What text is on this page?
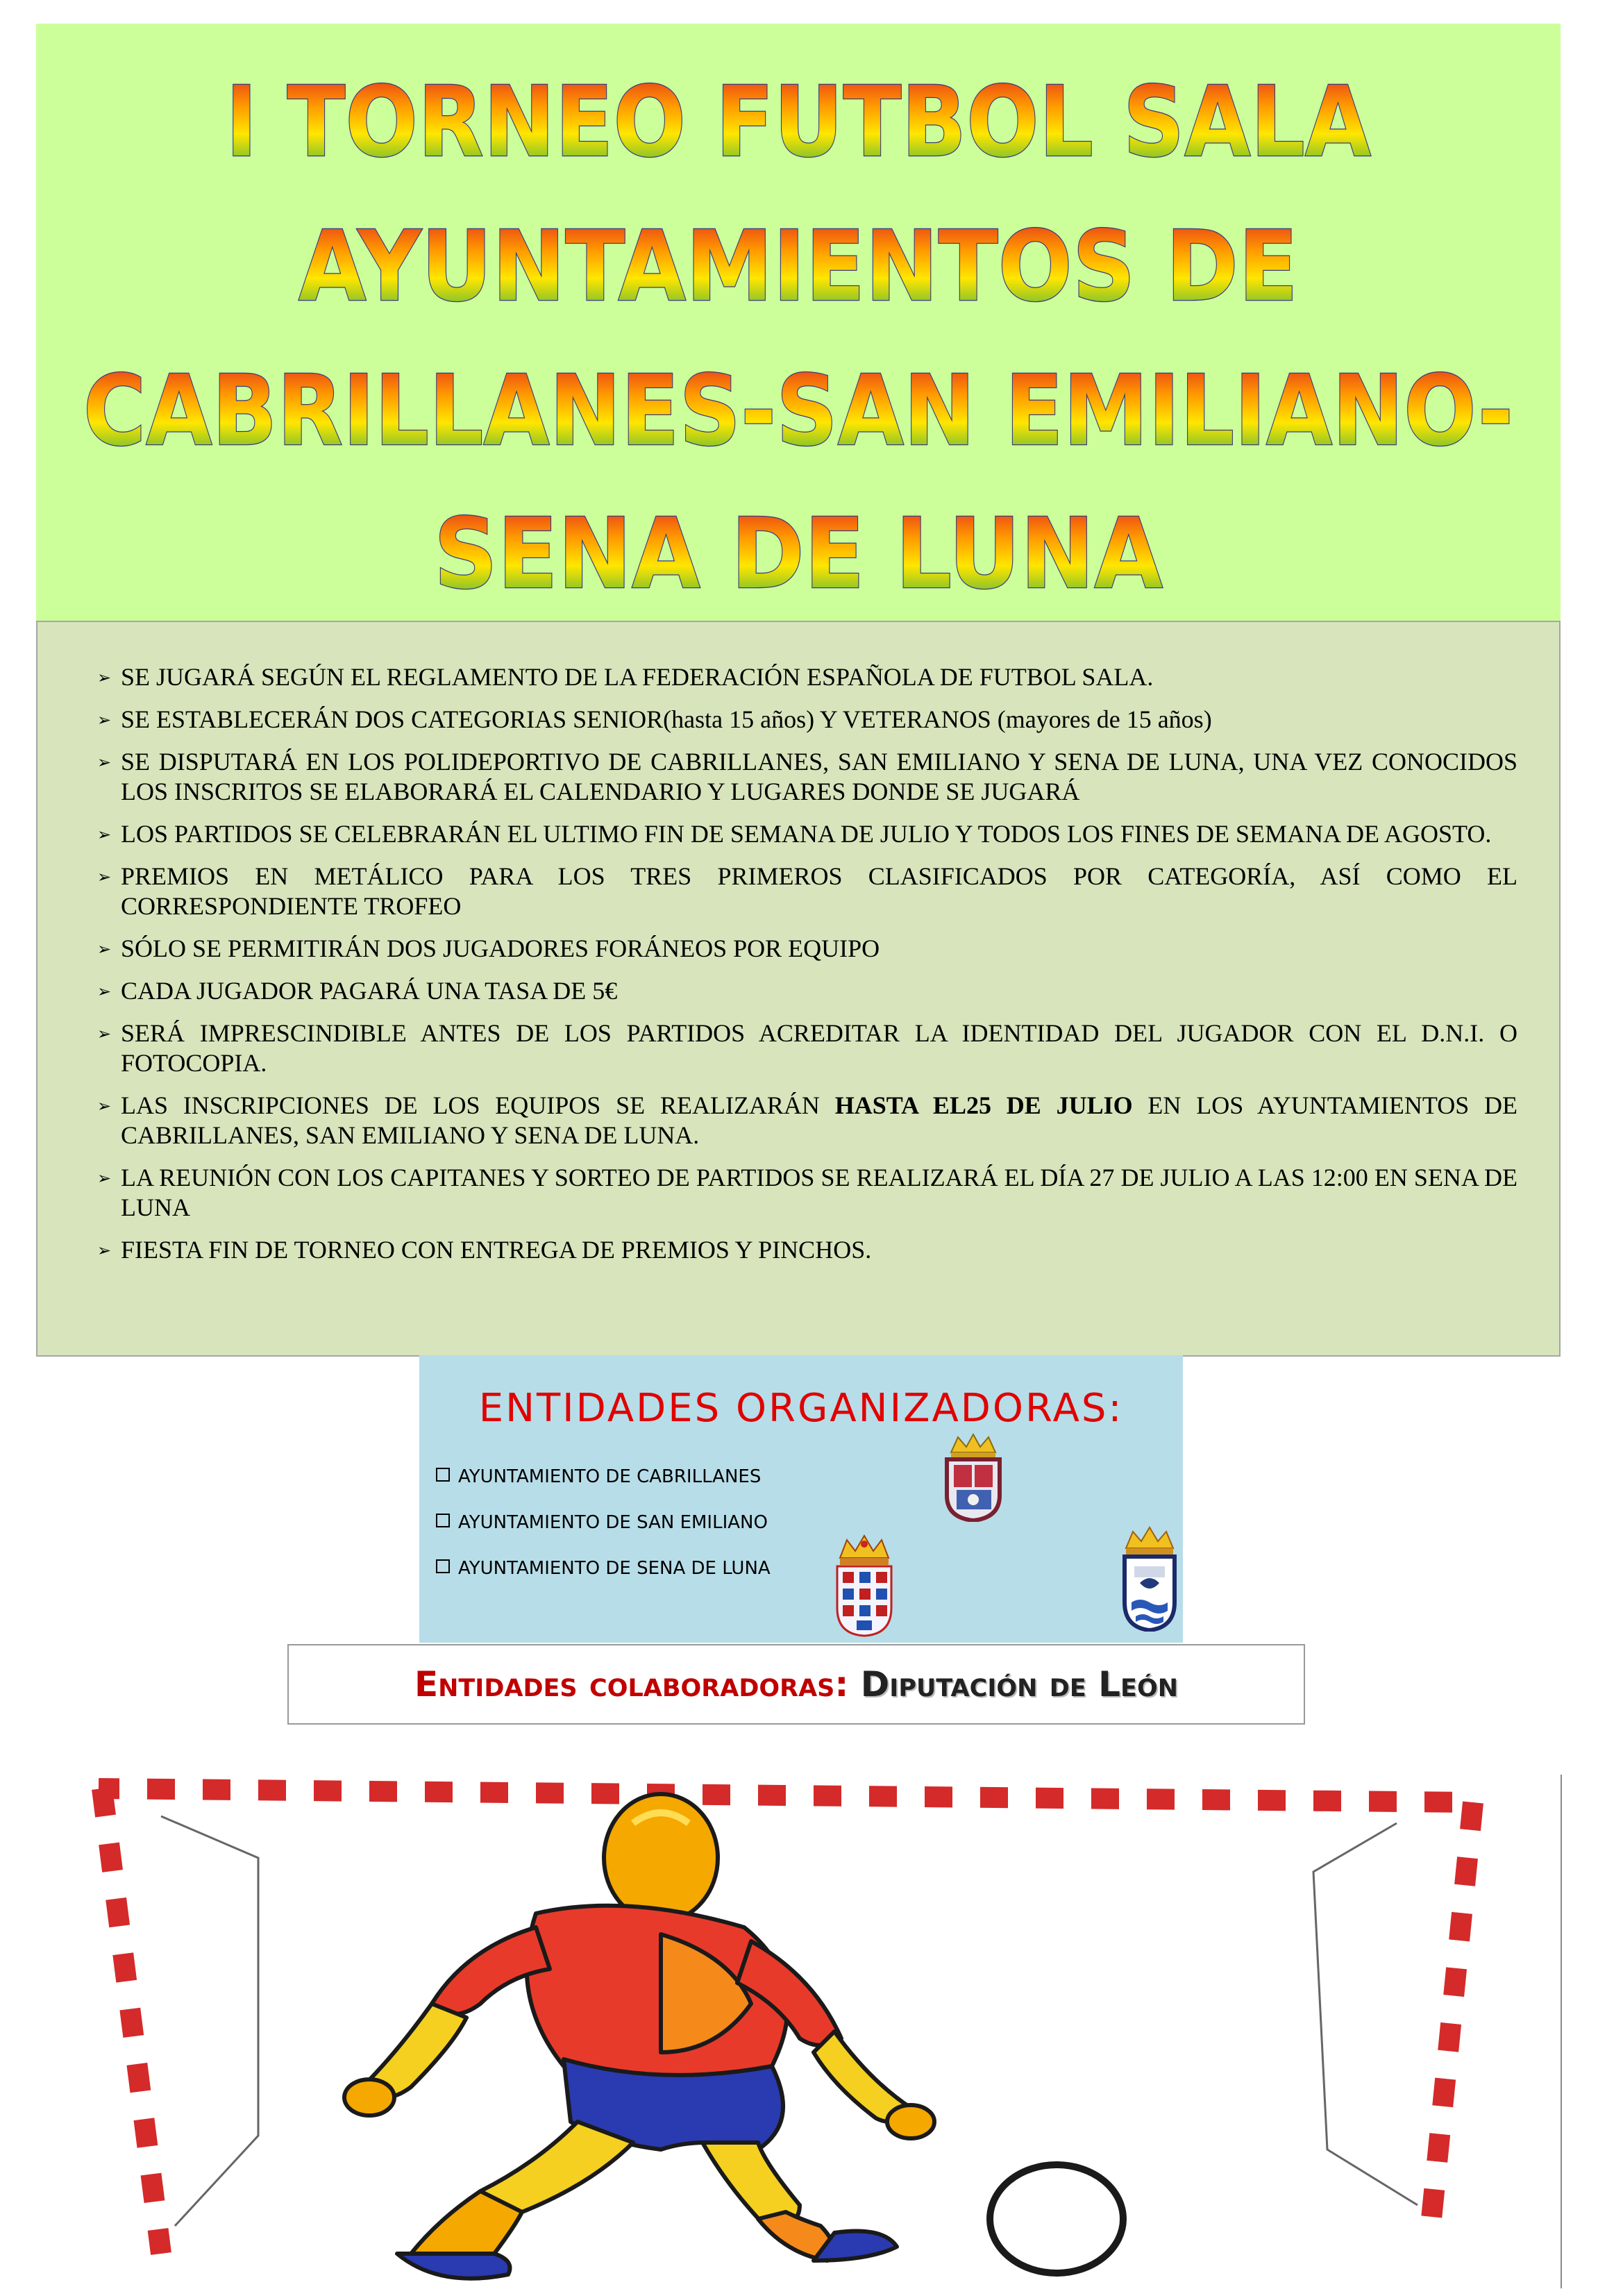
I TORNEO FUTBOL SALA
AYUNTAMIENTOS DE
CABRILLANES-SAN EMILIANO-
SENA DE LUNA
➢ SE JUGARÁ SEGÚN EL REGLAMENTO DE LA FEDERACIÓN ESPAÑOLA DE FUTBOL SALA.
➢ SE ESTABLECERÁN DOS CATEGORIAS SENIOR(hasta 15 años) Y VETERANOS (mayores de 15 años)
➢ SE DISPUTARÁ EN LOS POLIDEPORTIVO DE CABRILLANES, SAN EMILIANO Y SENA DE LUNA, UNA VEZ CONOCIDOS LOS INSCRITOS SE ELABORARÁ EL CALENDARIO Y LUGARES DONDE SE JUGARÁ
➢ LOS PARTIDOS SE CELEBRARÁN EL ULTIMO FIN DE SEMANA DE JULIO Y TODOS LOS FINES DE SEMANA DE AGOSTO.
➢ PREMIOS EN METÁLICO PARA LOS TRES PRIMEROS CLASIFICADOS POR CATEGORÍA, ASÍ COMO EL CORRESPONDIENTE TROFEO
➢ SÓLO SE PERMITIRÁN DOS JUGADORES FORÁNEOS POR EQUIPO
➢ CADA JUGADOR PAGARÁ UNA TASA DE 5€
➢ SERÁ IMPRESCINDIBLE ANTES DE LOS PARTIDOS ACREDITAR LA IDENTIDAD DEL JUGADOR CON EL D.N.I. O FOTOCOPIA.
➢ LAS INSCRIPCIONES DE LOS EQUIPOS SE REALIZARÁN HASTA EL25 DE JULIO EN LOS AYUNTAMIENTOS DE CABRILLANES, SAN EMILIANO Y SENA DE LUNA.
➢ LA REUNIÓN CON LOS CAPITANES Y SORTEO DE PARTIDOS SE REALIZARÁ EL DÍA 27 DE JULIO A LAS 12:00 EN SENA DE LUNA
➢ FIESTA FIN DE TORNEO CON ENTREGA DE PREMIOS Y PINCHOS.
ENTIDADES ORGANIZADORAS:
AYUNTAMIENTO DE CABRILLANES
AYUNTAMIENTO DE SAN EMILIANO
AYUNTAMIENTO DE SENA DE LUNA
Entidades colaboradoras: Diputación de León
